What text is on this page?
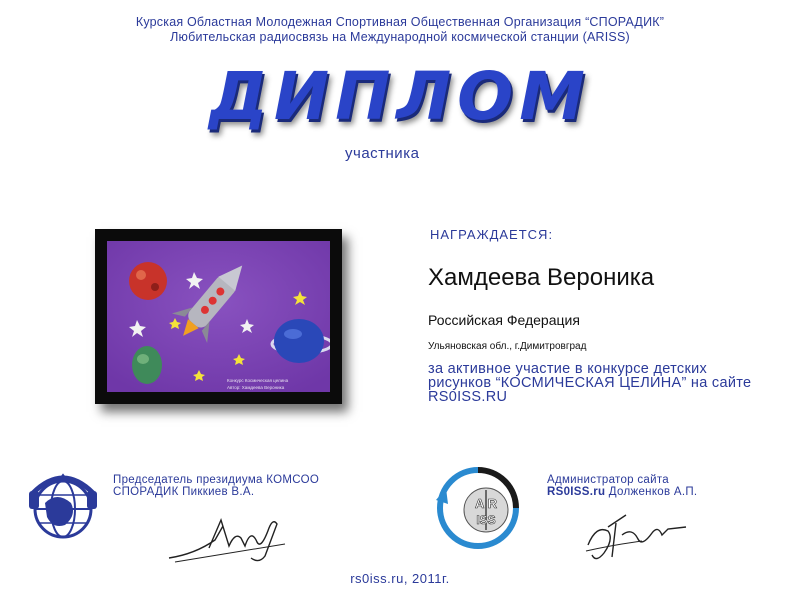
Курская Областная Молодежная Спортивная Общественная Организация “СПОРАДИК”
Любительская радиосвязь на Международной космической станции (ARISS)
ДИПЛОМ
участника
Конкурс Космическая целина
Автор: Хамдеева Вероника
НАГРАЖДАЕТСЯ:
Хамдеева Вероника
Российская Федерация
Ульяновская обл., г.Димитровград
за активное участие в конкурсе детских рисунков “КОСМИЧЕСКАЯ ЦЕЛИНА” на сайте RS0ISS.RU
Председатель президиума КОМСОО
СПОРАДИК Пиккиев В.А.
A R
ISS
Администратор сайта
RS0ISS.ru Долженков А.П.
rs0iss.ru, 2011г.
